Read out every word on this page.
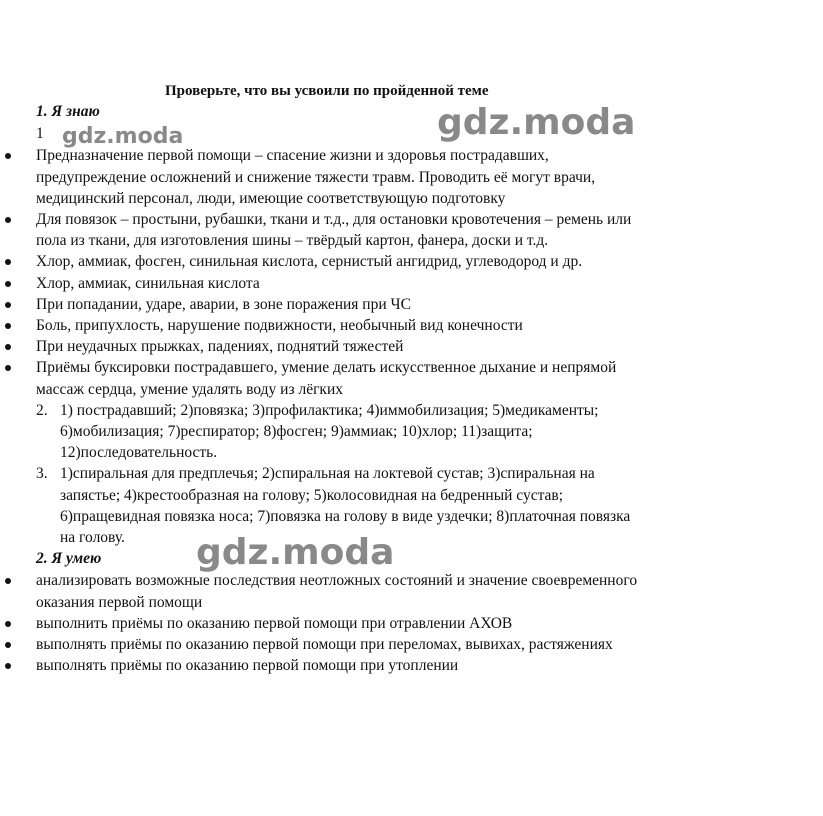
Проверьте, что вы усвоили по пройденной теме
1. Я знаю
1
Предназначение первой помощи – спасение жизни и здоровья пострадавших,
предупреждение осложнений и снижение тяжести травм. Проводить её могут врачи,
медицинский персонал, люди, имеющие соответствующую подготовку
Для повязок – простыни, рубашки, ткани и т.д., для остановки кровотечения – ремень или
пола из ткани, для изготовления шины – твёрдый картон, фанера, доски и т.д.
Хлор, аммиак, фосген, синильная кислота, сернистый ангидрид, углеводород и др.
Хлор, аммиак, синильная кислота
При попадании, ударе, аварии, в зоне поражения при ЧС
Боль, припухлость, нарушение подвижности, необычный вид конечности
При неудачных прыжках, падениях, поднятий тяжестей
Приёмы буксировки пострадавшего, умение делать искусственное дыхание и непрямой
массаж сердца, умение удалять воду из лёгких
2. 1) пострадавший; 2)повязка; 3)профилактика; 4)иммобилизация; 5)медикаменты;
6)мобилизация; 7)респиратор; 8)фосген; 9)аммиак; 10)хлор; 11)защита;
12)последовательность.
3. 1)спиральная для предплечья; 2)спиральная на локтевой сустав; 3)спиральная на
запястье; 4)крестообразная на голову; 5)колосовидная на бедренный сустав;
6)пращевидная повязка носа; 7)повязка на голову в виде уздечки; 8)платочная повязка
на голову.
2. Я умею
анализировать возможные последствия неотложных состояний и значение своевременного
оказания первой помощи
выполнить приёмы по оказанию первой помощи при отравлении АХОВ
выполнять приёмы по оказанию первой помощи при переломах, вывихах, растяжениях
выполнять приёмы по оказанию первой помощи при утоплении
gdz.moda	gdz.moda
gdz.moda
